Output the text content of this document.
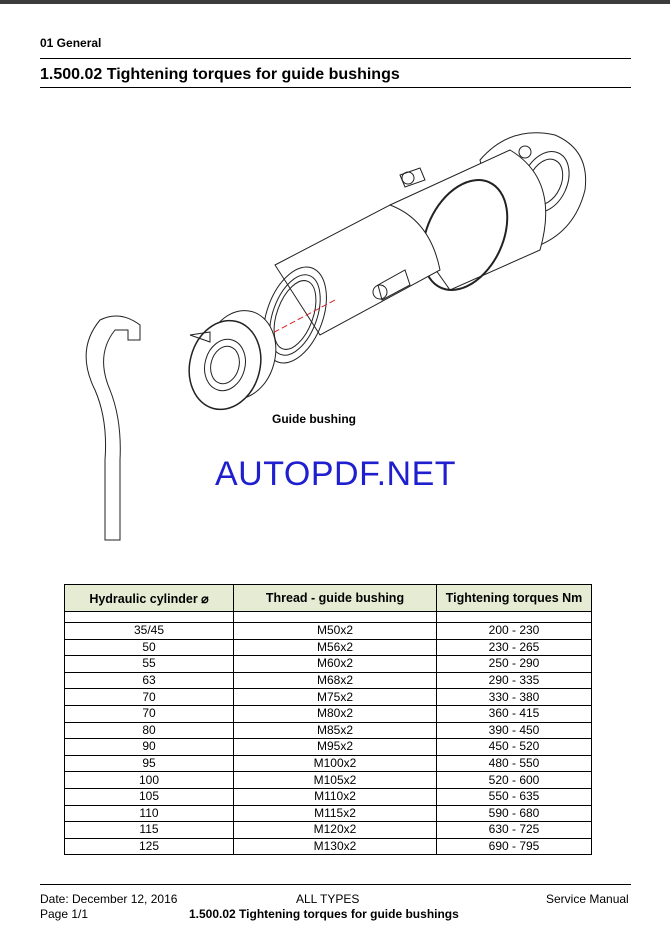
01 General
1.500.02 Tightening torques for guide bushings
Guide bushing
AUTOPDF.NET
Hydraulic cylinder ⌀	Thread - guide bushing	Tightening torques Nm

35/45	M50x2	200 - 230
50	M56x2	230 - 265
55	M60x2	250 - 290
63	M68x2	290 - 335
70	M75x2	330 - 380
70	M80x2	360 - 415
80	M85x2	390 - 450
90	M95x2	450 - 520
95	M100x2	480 - 550
100	M105x2	520 - 600
105	M110x2	550 - 635
110	M115x2	590 - 680
115	M120x2	630 - 725
125	M130x2	690 - 795
Date: December 12, 2016	ALL TYPES	Service Manual
Page 1/1	1.500.02 Tightening torques for guide bushings
